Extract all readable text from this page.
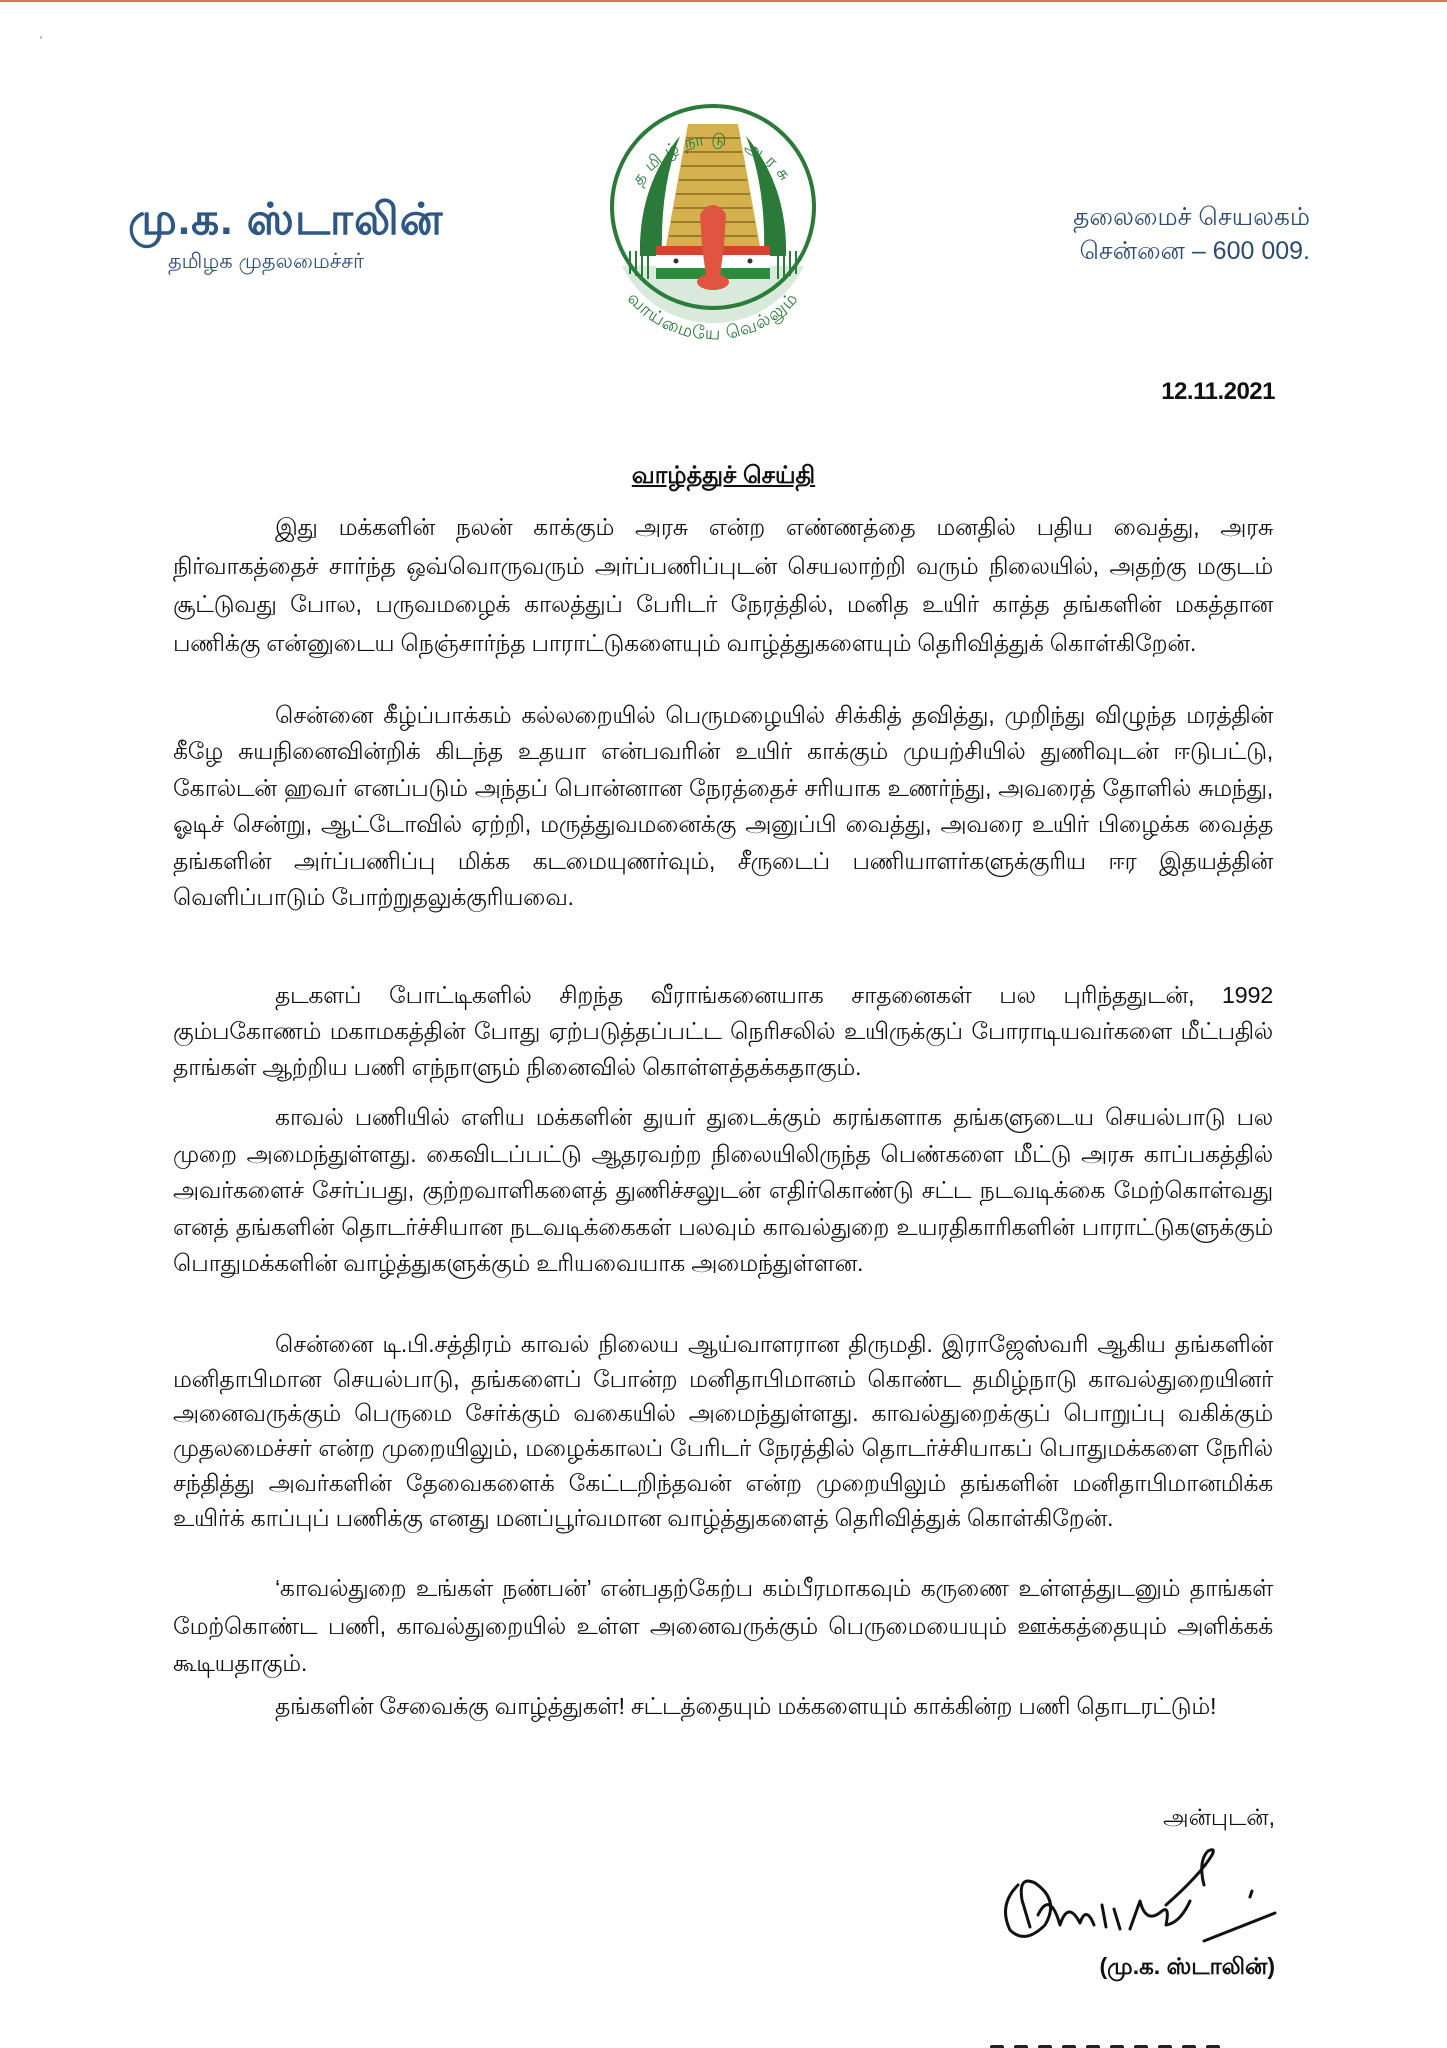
மு.க. ஸ்டாலின்
தமிழக முதலமைச்சர்
தமிழ்நாடு அரசு
வாய்மையே வெல்லும்
தலைமைச் செயலகம்
சென்னை – 600 009.
12.11.2021
வாழ்த்துச் செய்தி

இது மக்களின் நலன் காக்கும் அரசு என்ற எண்ணத்தை மனதில் பதிய வைத்து, அரசு நிர்வாகத்தைச் சார்ந்த ஒவ்வொருவரும் அர்ப்பணிப்புடன் செயலாற்றி வரும் நிலையில், அதற்கு மகுடம் சூட்டுவது போல, பருவமழைக் காலத்துப் பேரிடர் நேரத்தில், மனித உயிர் காத்த தங்களின் மகத்தான பணிக்கு என்னுடைய நெஞ்சார்ந்த பாராட்டுகளையும் வாழ்த்துகளையும் தெரிவித்துக் கொள்கிறேன்.

சென்னை கீழ்ப்பாக்கம் கல்லறையில் பெருமழையில் சிக்கித் தவித்து, முறிந்து விழுந்த மரத்தின் கீழே சுயநினைவின்றிக் கிடந்த உதயா என்பவரின் உயிர் காக்கும் முயற்சியில் துணிவுடன் ஈடுபட்டு, கோல்டன் ஹவர் எனப்படும் அந்தப் பொன்னான நேரத்தைச் சரியாக உணர்ந்து, அவரைத் தோளில் சுமந்து, ஓடிச் சென்று, ஆட்டோவில் ஏற்றி, மருத்துவமனைக்கு அனுப்பி வைத்து, அவரை உயிர் பிழைக்க வைத்த தங்களின் அர்ப்பணிப்பு மிக்க கடமையுணர்வும், சீருடைப் பணியாளர்களுக்குரிய ஈர இதயத்தின் வெளிப்பாடும் போற்றுதலுக்குரியவை.

தடகளப் போட்டிகளில் சிறந்த வீராங்கனையாக சாதனைகள் பல புரிந்ததுடன், 1992 கும்பகோணம் மகாமகத்தின் போது ஏற்படுத்தப்பட்ட நெரிசலில் உயிருக்குப் போராடியவர்களை மீட்பதில் தாங்கள் ஆற்றிய பணி எந்நாளும் நினைவில் கொள்ளத்தக்கதாகும்.

காவல் பணியில் எளிய மக்களின் துயர் துடைக்கும் கரங்களாக தங்களுடைய செயல்பாடு பல முறை அமைந்துள்ளது. கைவிடப்பட்டு ஆதரவற்ற நிலையிலிருந்த பெண்களை மீட்டு அரசு காப்பகத்தில் அவர்களைச் சேர்ப்பது, குற்றவாளிகளைத் துணிச்சலுடன் எதிர்கொண்டு சட்ட நடவடிக்கை மேற்கொள்வது எனத் தங்களின் தொடர்ச்சியான நடவடிக்கைகள் பலவும் காவல்துறை உயரதிகாரிகளின் பாராட்டுகளுக்கும் பொதுமக்களின் வாழ்த்துகளுக்கும் உரியவையாக அமைந்துள்ளன.

சென்னை டி.பி.சத்திரம் காவல் நிலைய ஆய்வாளரான திருமதி. இராஜேஸ்வரி ஆகிய தங்களின் மனிதாபிமான செயல்பாடு, தங்களைப் போன்ற மனிதாபிமானம் கொண்ட தமிழ்நாடு காவல்துறையினர் அனைவருக்கும் பெருமை சேர்க்கும் வகையில் அமைந்துள்ளது. காவல்துறைக்குப் பொறுப்பு வகிக்கும் முதலமைச்சர் என்ற முறையிலும், மழைக்காலப் பேரிடர் நேரத்தில் தொடர்ச்சியாகப் பொதுமக்களை நேரில் சந்தித்து அவர்களின் தேவைகளைக் கேட்டறிந்தவன் என்ற முறையிலும் தங்களின் மனிதாபிமானமிக்க உயிர்க் காப்புப் பணிக்கு எனது மனப்பூர்வமான வாழ்த்துகளைத் தெரிவித்துக் கொள்கிறேன்.

‘காவல்துறை உங்கள் நண்பன்’ என்பதற்கேற்ப கம்பீரமாகவும் கருணை உள்ளத்துடனும் தாங்கள் மேற்கொண்ட பணி, காவல்துறையில் உள்ள அனைவருக்கும் பெருமையையும் ஊக்கத்தையும் அளிக்கக் கூடியதாகும்.

தங்களின் சேவைக்கு வாழ்த்துகள்! சட்டத்தையும் மக்களையும் காக்கின்ற பணி தொடரட்டும்!

அன்புடன்,
(மு.க. ஸ்டாலின்)
